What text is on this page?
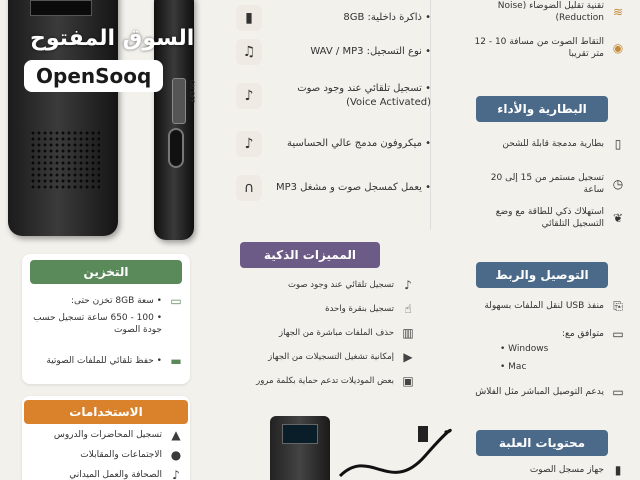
ON OFF
السوق المفتوح
OpenSooq
▮	• ذاكرة داخلية: 8GB
♫	• نوع التسجيل: WAV / MP3
♪	• تسجيل تلقائي عند وجود صوت (Voice Activated)
♪	• ميكروفون مدمج عالي الحساسية
∩	• يعمل كمسجل صوت و مشغل MP3
≋
تقنية تقليل الضوضاء (Noise Reduction)
◉
التقاط الصوت من مسافة 10 - 12 متر تقريبا
البطارية والأداء
▯
بطارية مدمجة قابلة للشحن
◷
تسجيل مستمر من 15 إلى 20 ساعة
❦
استهلاك ذكي للطاقة مع وضع التسجيل التلقائي
التوصيل والربط
⎘
منفذ USB لنقل الملفات بسهولة
▭
متوافق مع:
• Windows
• Mac
▭
يدعم التوصيل المباشر مثل الفلاش
محتويات العلبة
▮
جهاز مسجل الصوت
التخزين
▭
• سعة 8GB تخزن حتى:
• 100 - 650 ساعة تسجيل حسب جودة الصوت
▬
• حفظ تلقائي للملفات الصوتية
الاستخدامات
▲
تسجيل المحاضرات والدروس
●
الاجتماعات والمقابلات
♪
الصحافة والعمل الميداني
المميزات الذكية
♪
تسجيل تلقائي عند وجود صوت
☝
تسجيل بنقرة واحدة
▥
حذف الملفات مباشرة من الجهاز
▶
إمكانية تشغيل التسجيلات من الجهاز
▣
بعض الموديلات تدعم حماية بكلمة مرور
